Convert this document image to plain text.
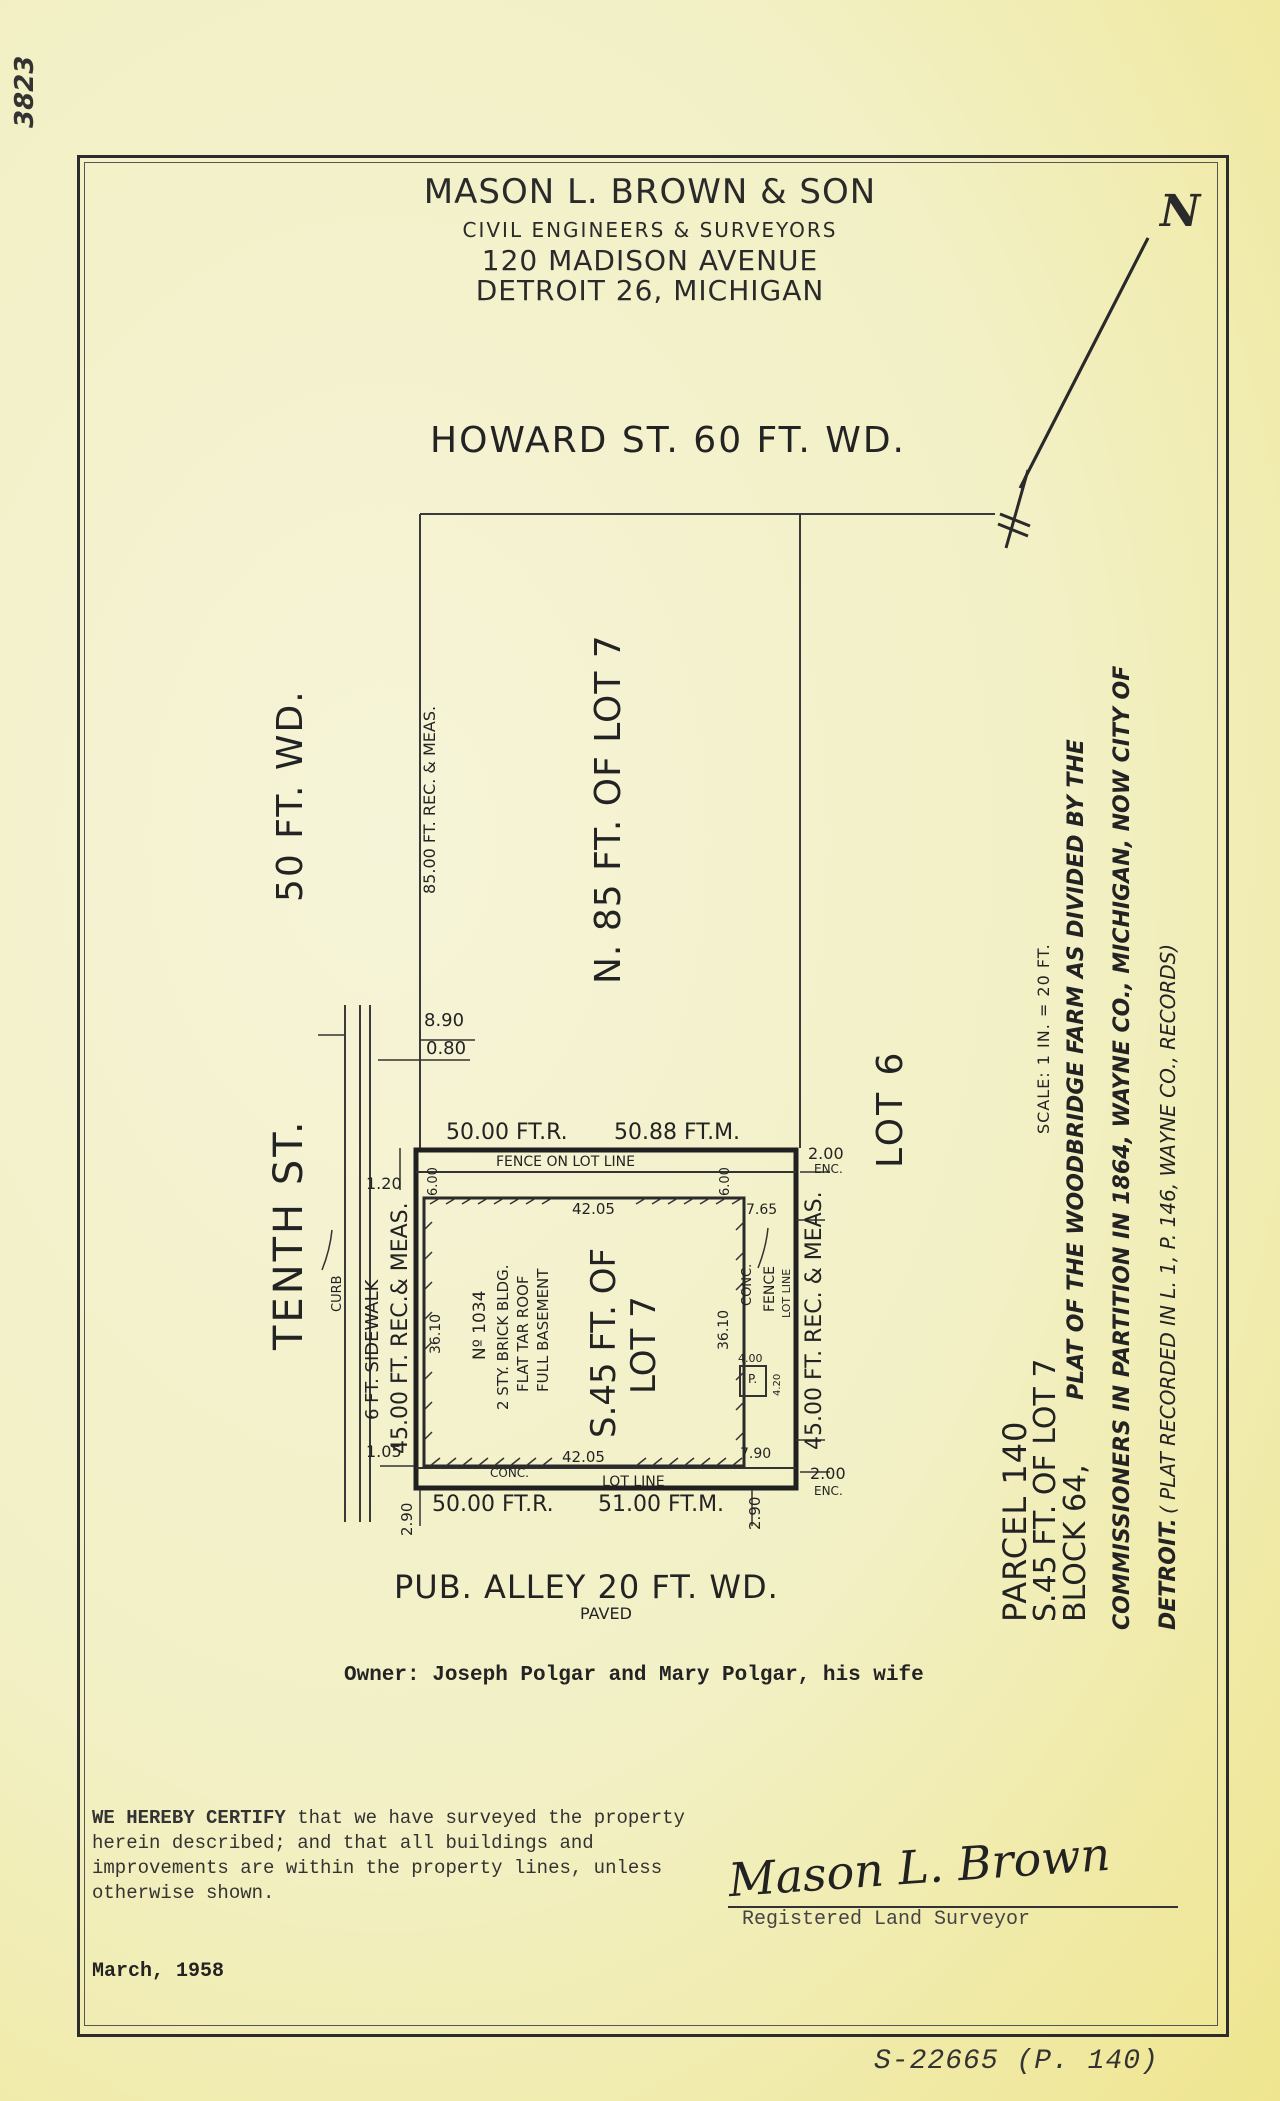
3823
MASON L. BROWN & SON
CIVIL ENGINEERS & SURVEYORS
120 MADISON AVENUE
DETROIT 26, MICHIGAN
N
HOWARD ST. 60 FT. WD.
TENTH ST.
50 FT. WD.
PUB. ALLEY 20 FT. WD.
PAVED
N. 85 FT. OF LOT 7
85.00 FT. REC. & MEAS.
LOT 6
8.90
0.80
1.20
1.05
2.90	2.90
2.00
ENC.
2.00
ENC.
50.00 FT.R. 50.88 FT.M.
50.00 FT.R. 51.00 FT.M.
FENCE ON LOT LINE
LOT LINE
CONC.
45.00 FT. REC.& MEAS.	45.00 FT. REC. & MEAS.
6 FT. SIDEWALK
CURB
6.00	6.00
7.65
7.90
4.00
4.20
P.
CONC. FENCE LOT LINE
36.10	36.10
42.05
42.05
Nº 1034 2 STY. BRICK BLDG. FLAT TAR ROOF FULL BASEMENT S.45 FT. OF LOT 7
SCALE: 1 IN. = 20 FT.
PARCEL 140
S.45 FT. OF LOT 7
BLOCK 64,
PLAT OF THE WOODBRIDGE FARM AS DIVIDED BY THE COMMISSIONERS IN PARTITION IN 1864, WAYNE CO., MICHIGAN, NOW CITY OF DETROIT.
( PLAT RECORDED IN L. 1, P. 146, WAYNE CO., RECORDS)
Owner: Joseph Polgar and Mary Polgar, his wife
WE HEREBY CERTIFY that we have surveyed the property herein described; and that all buildings and improvements are within the property lines, unless otherwise shown.
March, 1958
Mason L. Brown
Registered Land Surveyor
S-22665 (P. 140)
